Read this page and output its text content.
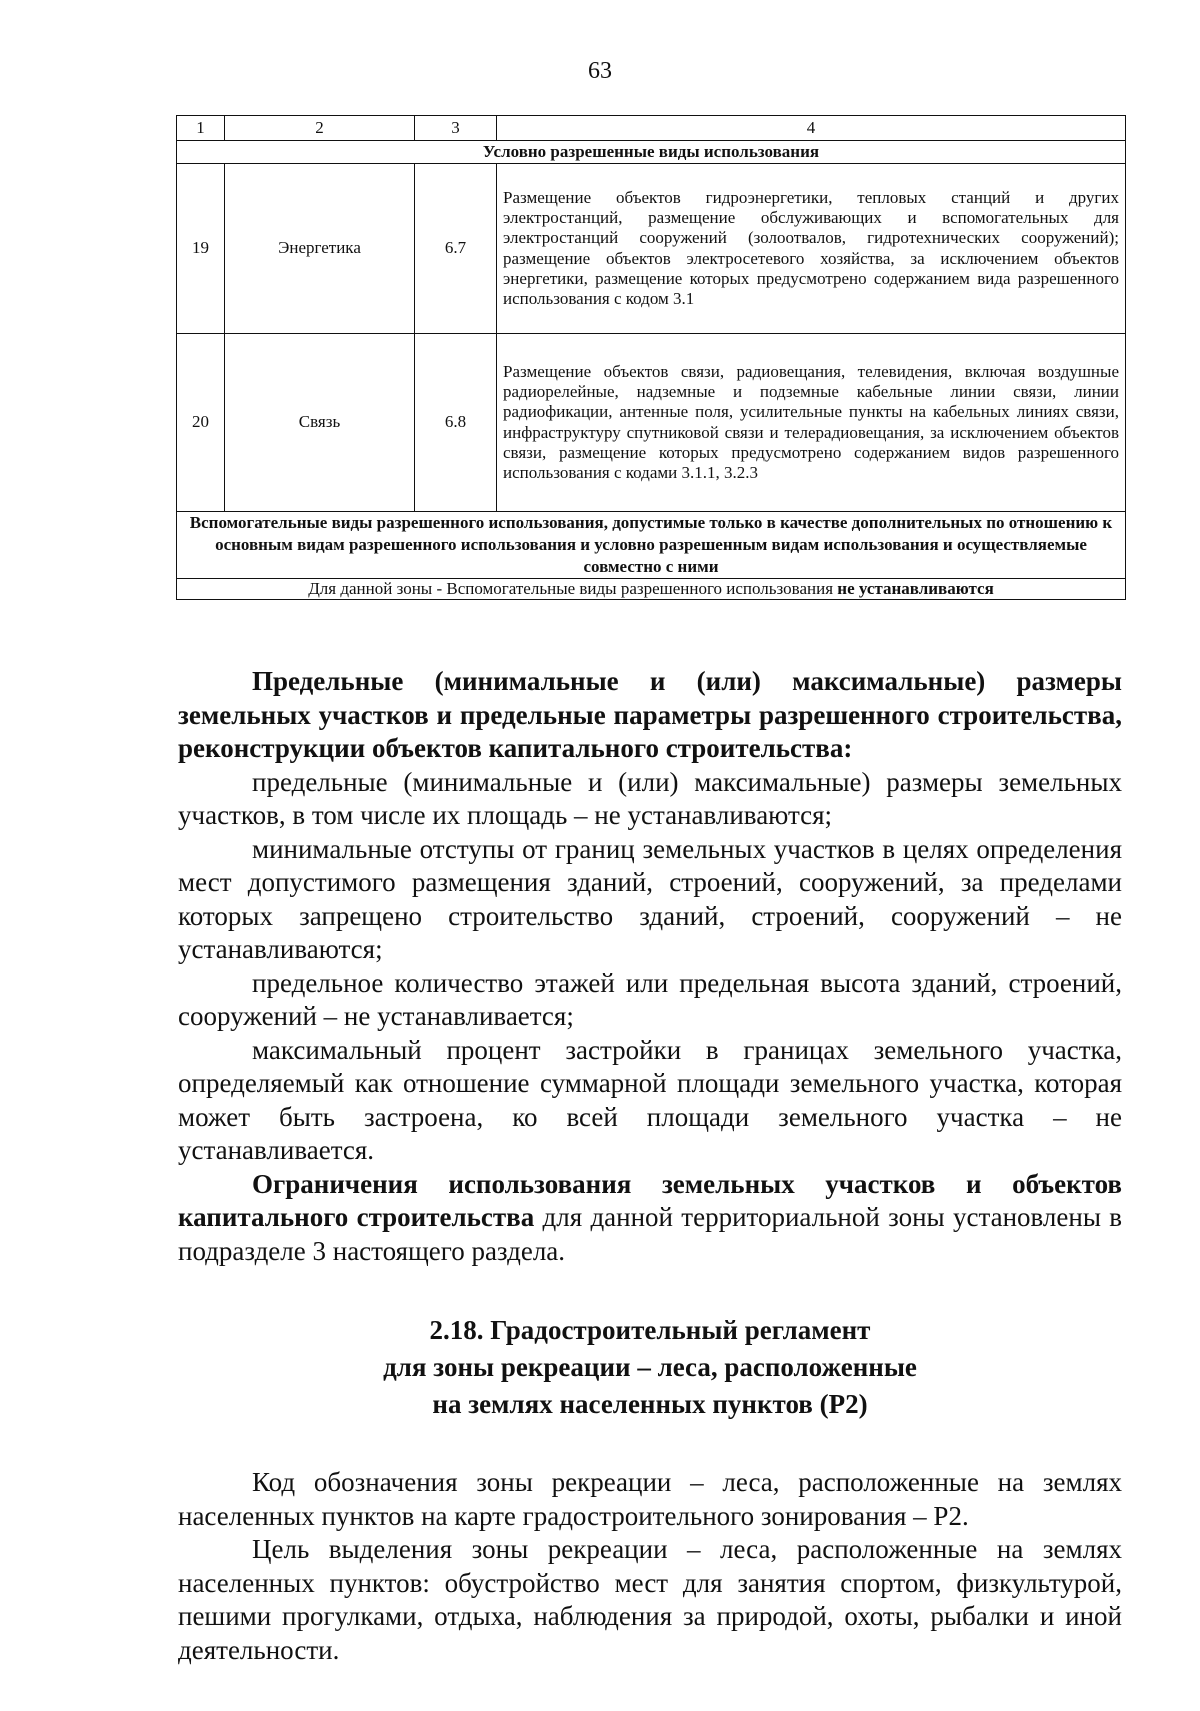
63
1	2	3	4
Условно разрешенные виды использования			
19	Энергетика	6.7	Размещение объектов гидроэнергетики, тепловых станций и других электростанций, размещение обслуживающих и вспомогательных для электростанций сооружений (золоотвалов, гидротехнических сооружений); размещение объектов электросетевого хозяйства, за исключением объектов энергетики, размещение которых предусмотрено содержанием вида разрешенного использования с кодом 3.1
20	Связь	6.8	Размещение объектов связи, радиовещания, телевидения, включая воздушные радиорелейные, надземные и подземные кабельные линии связи, линии радиофикации, антенные поля, усилительные пункты на кабельных линиях связи, инфраструктуру спутниковой связи и телерадиовещания, за исключением объектов связи, размещение которых предусмотрено содержанием видов разрешенного использования с кодами 3.1.1, 3.2.3
Вспомогательные виды разрешенного использования, допустимые только в качестве дополнительных по отношению к основным видам разрешенного использования и условно разрешенным видам использования и осуществляемые совместно с ними			
Для данной зоны - Вспомогательные виды разрешенного использования не устанавливаются			

Предельные (минимальные и (или) максимальные) размеры земельных участков и предельные параметры разрешенного строительства, реконструкции объектов капитального строительства:

предельные (минимальные и (или) максимальные) размеры земельных участков, в том числе их площадь – не устанавливаются;

минимальные отступы от границ земельных участков в целях определения мест допустимого размещения зданий, строений, сооружений, за пределами которых запрещено строительство зданий, строений, сооружений – не устанавливаются;

предельное количество этажей или предельная высота зданий, строений, сооружений – не устанавливается;

максимальный процент застройки в границах земельного участка, определяемый как отношение суммарной площади земельного участка, которая может быть застроена, ко всей площади земельного участка – не устанавливается.

Ограничения использования земельных участков и объектов капитального строительства для данной территориальной зоны установлены в подразделе 3 настоящего раздела.

2.18. Градостроительный регламент
для зоны рекреации – леса, расположенные
на землях населенных пунктов (Р2)

Код обозначения зоны рекреации – леса, расположенные на землях населенных пунктов на карте градостроительного зонирования – Р2.

Цель выделения зоны рекреации – леса, расположенные на землях населенных пунктов: обустройство мест для занятия спортом, физкультурой, пешими прогулками, отдыха, наблюдения за природой, охоты, рыбалки и иной деятельности.
